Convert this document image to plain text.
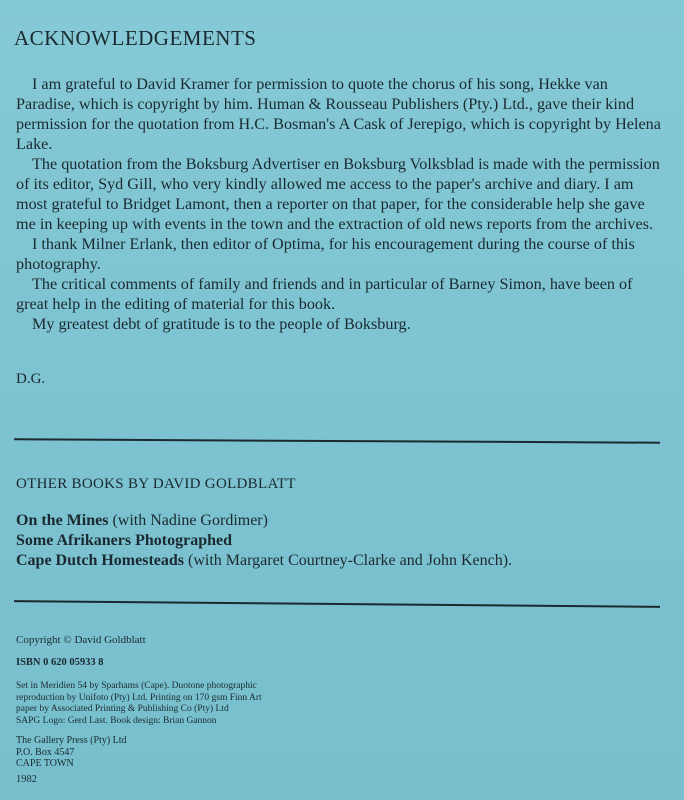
ACKNOWLEDGEMENTS

I am grateful to David Kramer for permission to quote the chorus of his song, Hekke van Paradise, which is copyright by him. Human & Rousseau Publishers (Pty.) Ltd., gave their kind permission for the quotation from H.C. Bosman's A Cask of Jerepigo, which is copyright by Helena Lake.

The quotation from the Boksburg Advertiser en Boksburg Volksblad is made with the permission of its editor, Syd Gill, who very kindly allowed me access to the paper's archive and diary. I am most grateful to Bridget Lamont, then a reporter on that paper, for the considerable help she gave me in keeping up with events in the town and the extraction of old news reports from the archives.

I thank Milner Erlank, then editor of Optima, for his encouragement during the course of this photography.

The critical comments of family and friends and in particular of Barney Simon, have been of great help in the editing of material for this book.

My greatest debt of gratitude is to the people of Boksburg.

D.G.
OTHER BOOKS BY DAVID GOLDBLATT
On the Mines (with Nadine Gordimer)
Some Afrikaners Photographed
Cape Dutch Homesteads (with Margaret Courtney-Clarke and John Kench).
Copyright © David Goldblatt
ISBN 0 620 05933 8
Set in Meridien 54 by Sparhams (Cape). Duotone photographic
reproduction by Unifoto (Pty) Ltd. Printing on 170 gsm Finn Art
paper by Associated Printing & Publishing Co (Pty) Ltd
SAPG Logo: Gerd Last. Book design: Brian Gannon
The Gallery Press (Pty) Ltd
P.O. Box 4547
CAPE TOWN
1982
